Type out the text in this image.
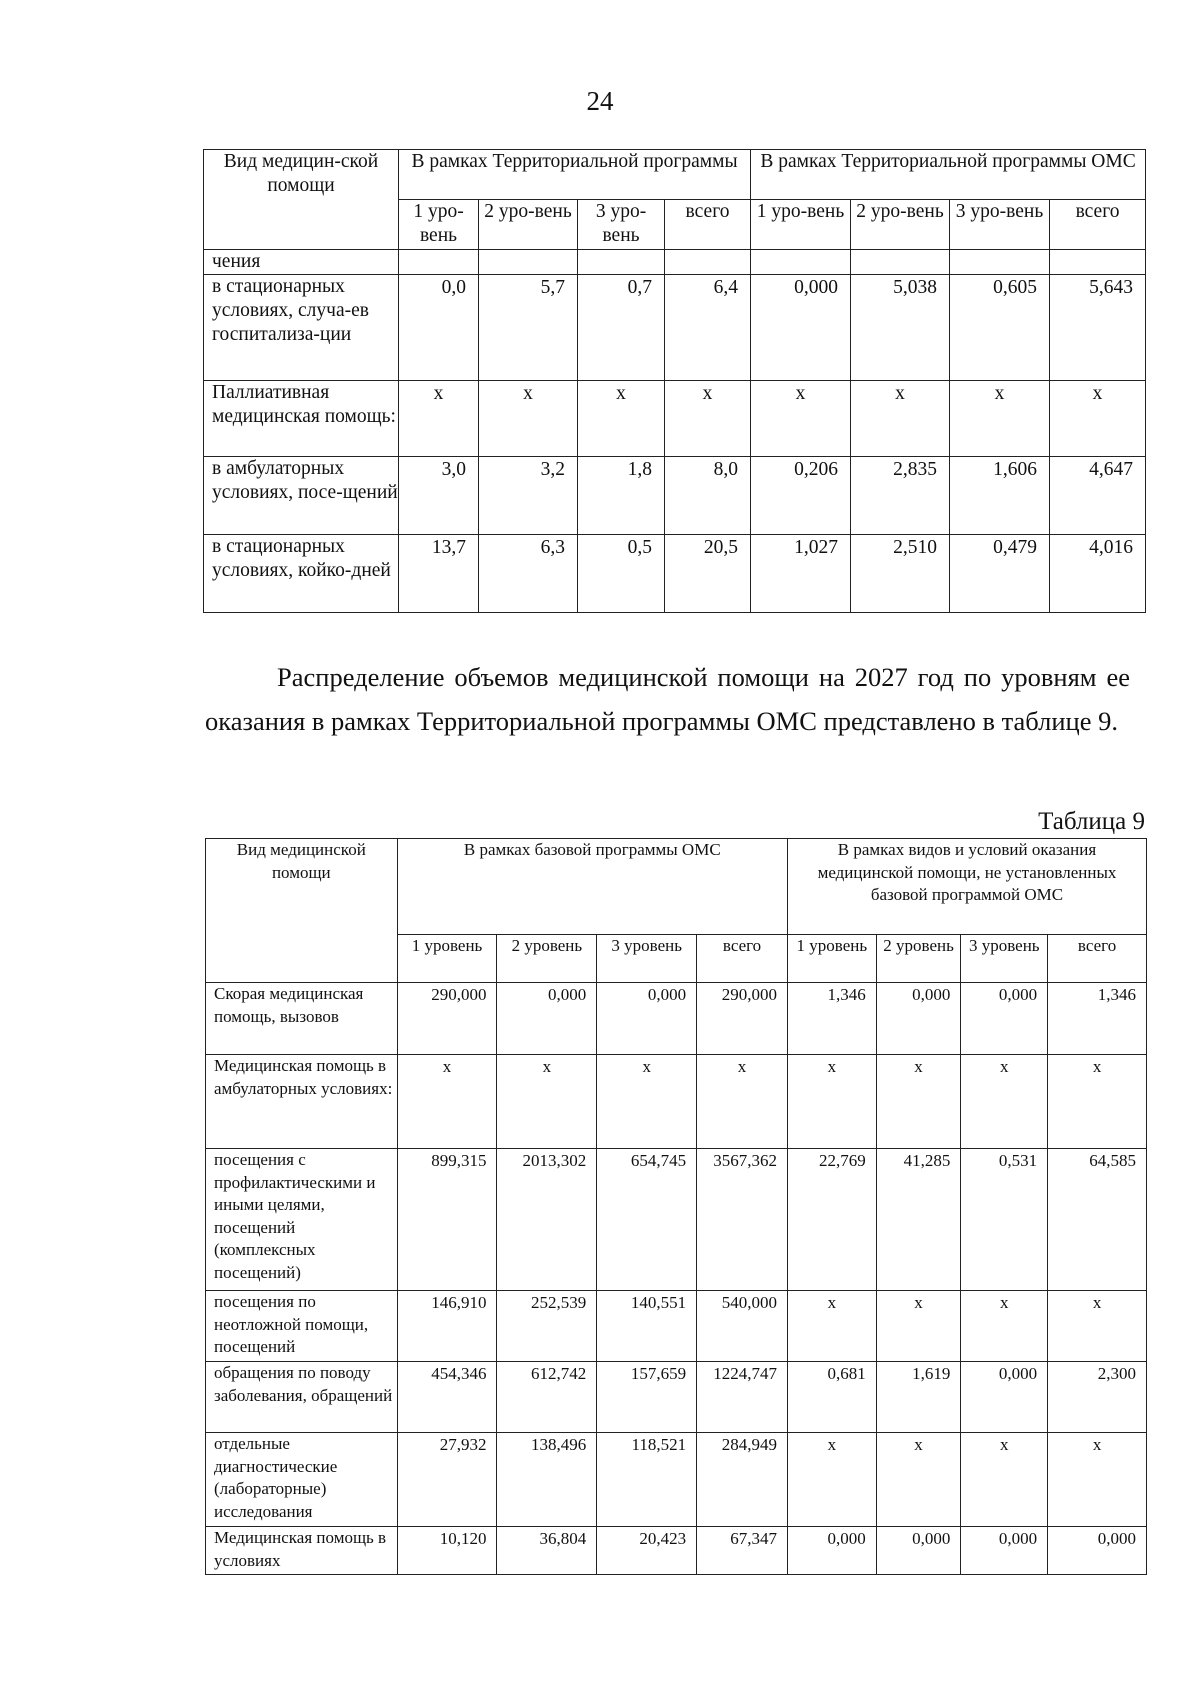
24
Вид медицин-ской помощи	В рамках Территориальной программы				В рамках Территориальной программы ОМС			
	1 уро-вень	2 уро-вень	3 уро-вень	всего	1 уро-вень	2 уро-вень	3 уро-вень	всего
чения								
в стационарных условиях, случа-ев госпитализа-ции	0,0	5,7	0,7	6,4	0,000	5,038	0,605	5,643
Паллиативная медицинская помощь:	х	х	х	х	х	х	х	х
в амбулаторных условиях, посе-щений	3,0	3,2	1,8	8,0	0,206	2,835	1,606	4,647
в стационарных условиях, койко-дней	13,7	6,3	0,5	20,5	1,027	2,510	0,479	4,016
Распределение объемов медицинской помощи на 2027 год по уровням ее оказания в рамках Территориальной программы ОМС представлено в таблице 9.
Таблица 9
Вид медицинской помощи	В рамках базовой программы ОМС				В рамках видов и условий оказания медицинской помощи, не установленных базовой программой ОМС			
	1 уровень	2 уровень	3 уровень	всего	1 уровень	2 уровень	3 уровень	всего
Скорая медицинская помощь, вызовов	290,000	0,000	0,000	290,000	1,346	0,000	0,000	1,346
Медицинская помощь в амбулаторных условиях:	х	х	х	х	х	х	х	х
посещения с профилактическими и иными целями, посещений (комплексных посещений)	899,315	2013,302	654,745	3567,362	22,769	41,285	0,531	64,585
посещения по неотложной помощи, посещений	146,910	252,539	140,551	540,000	х	х	х	х
обращения по поводу заболевания, обращений	454,346	612,742	157,659	1224,747	0,681	1,619	0,000	2,300
отдельные диагностические (лабораторные) исследования	27,932	138,496	118,521	284,949	х	х	х	х
Медицинская помощь в условиях	10,120	36,804	20,423	67,347	0,000	0,000	0,000	0,000
